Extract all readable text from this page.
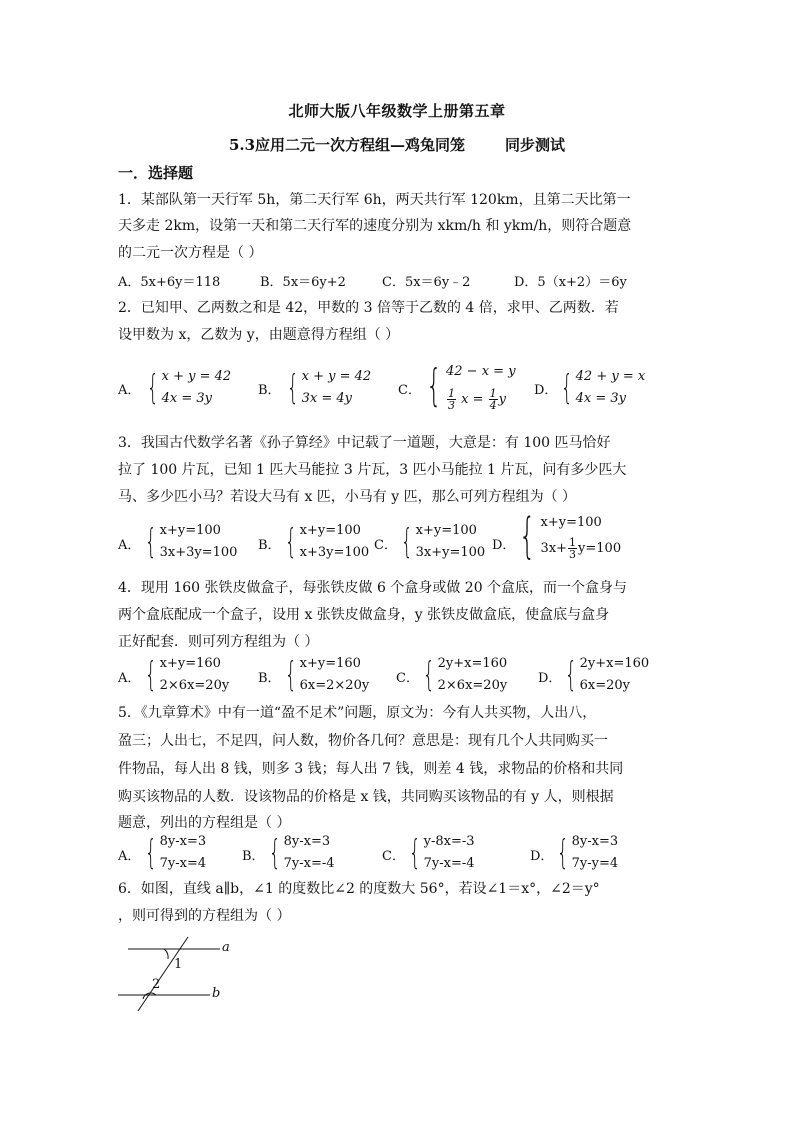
北师大版八年级数学上册第五章
5.3应用二元一次方程组—鸡兔同笼	同步测试
一．选择题
1．某部队第一天行军 5h，第二天行军 6h，两天共行军 120km，且第二天比第一
天多走 2km，设第一天和第二天行军的速度分别为 xkm/h 和 ykm/h，则符合题意
的二元一次方程是（ ）
A．5x+6y＝118	B．5x＝6y+2	C．5x＝6y﹣2	D．5（x+2）＝6y
2．已知甲、乙两数之和是 42，甲数的 3 倍等于乙数的 4 倍，求甲、乙两数．若
设甲数为 x，乙数为 y，由题意得方程组（ ）
A． { x + y = 42
4x = 3y
B． { x + y = 42
3x = 4y
C． { 42 − x = y
$\frac{1}{3}$ $x = \frac{1}{4}$ y
D． { 42 + y = x
4x = 3y
3．我国古代数学名著《孙子算经》中记载了一道题，大意是：有 100 匹马恰好
拉了 100 片瓦，已知 1 匹大马能拉 3 片瓦，3 匹小马能拉 1 片瓦，问有多少匹大
马、多少匹小马？若设大马有 x 匹，小马有 y 匹，那么可列方程组为（ ）
A． { x+y=100
3x+3y=100 B． { x+y=100
x+3y=100 C． { x+y=100
3x+y=100 D． { x+y=100
$3x+ \frac{1}{3} y=100$
4．现用 160 张铁皮做盒子，每张铁皮做 6 个盒身或做 20 个盒底，而一个盒身与
两个盒底配成一个盒子，设用 x 张铁皮做盒身，y 张铁皮做盒底，使盒底与盒身
正好配套．则可列方程组为（ ）
A． { x+y=160
2×6x=20y B． { x+y=160
6x=2×20y C． { 2y+x=160
2×6x=20y D． { 2y+x=160
6x=20y
5．《九章算术》中有一道“盈不足术”问题，原文为：今有人共买物，人出八，
盈三；人出七，不足四，问人数，物价各几何？意思是：现有几个人共同购买一
件物品，每人出 8 钱，则多 3 钱；每人出 7 钱，则差 4 钱，求物品的价格和共同
购买该物品的人数．设该物品的价格是 x 钱，共同购买该物品的有 y 人，则根据
题意，列出的方程组是（ ）
A． { 8y-x=3
7y-x=4	B． { 8y-x=3
7y-x=-4	C． { y-8x=-3
7y-x=-4	D． { 8y-x=3
7y-y=4
6．如图，直线 a∥b，∠1 的度数比∠2 的度数大 56°，若设∠1＝x°，∠2＝y°
，则可得到的方程组为（ ）
a
b
1
2
